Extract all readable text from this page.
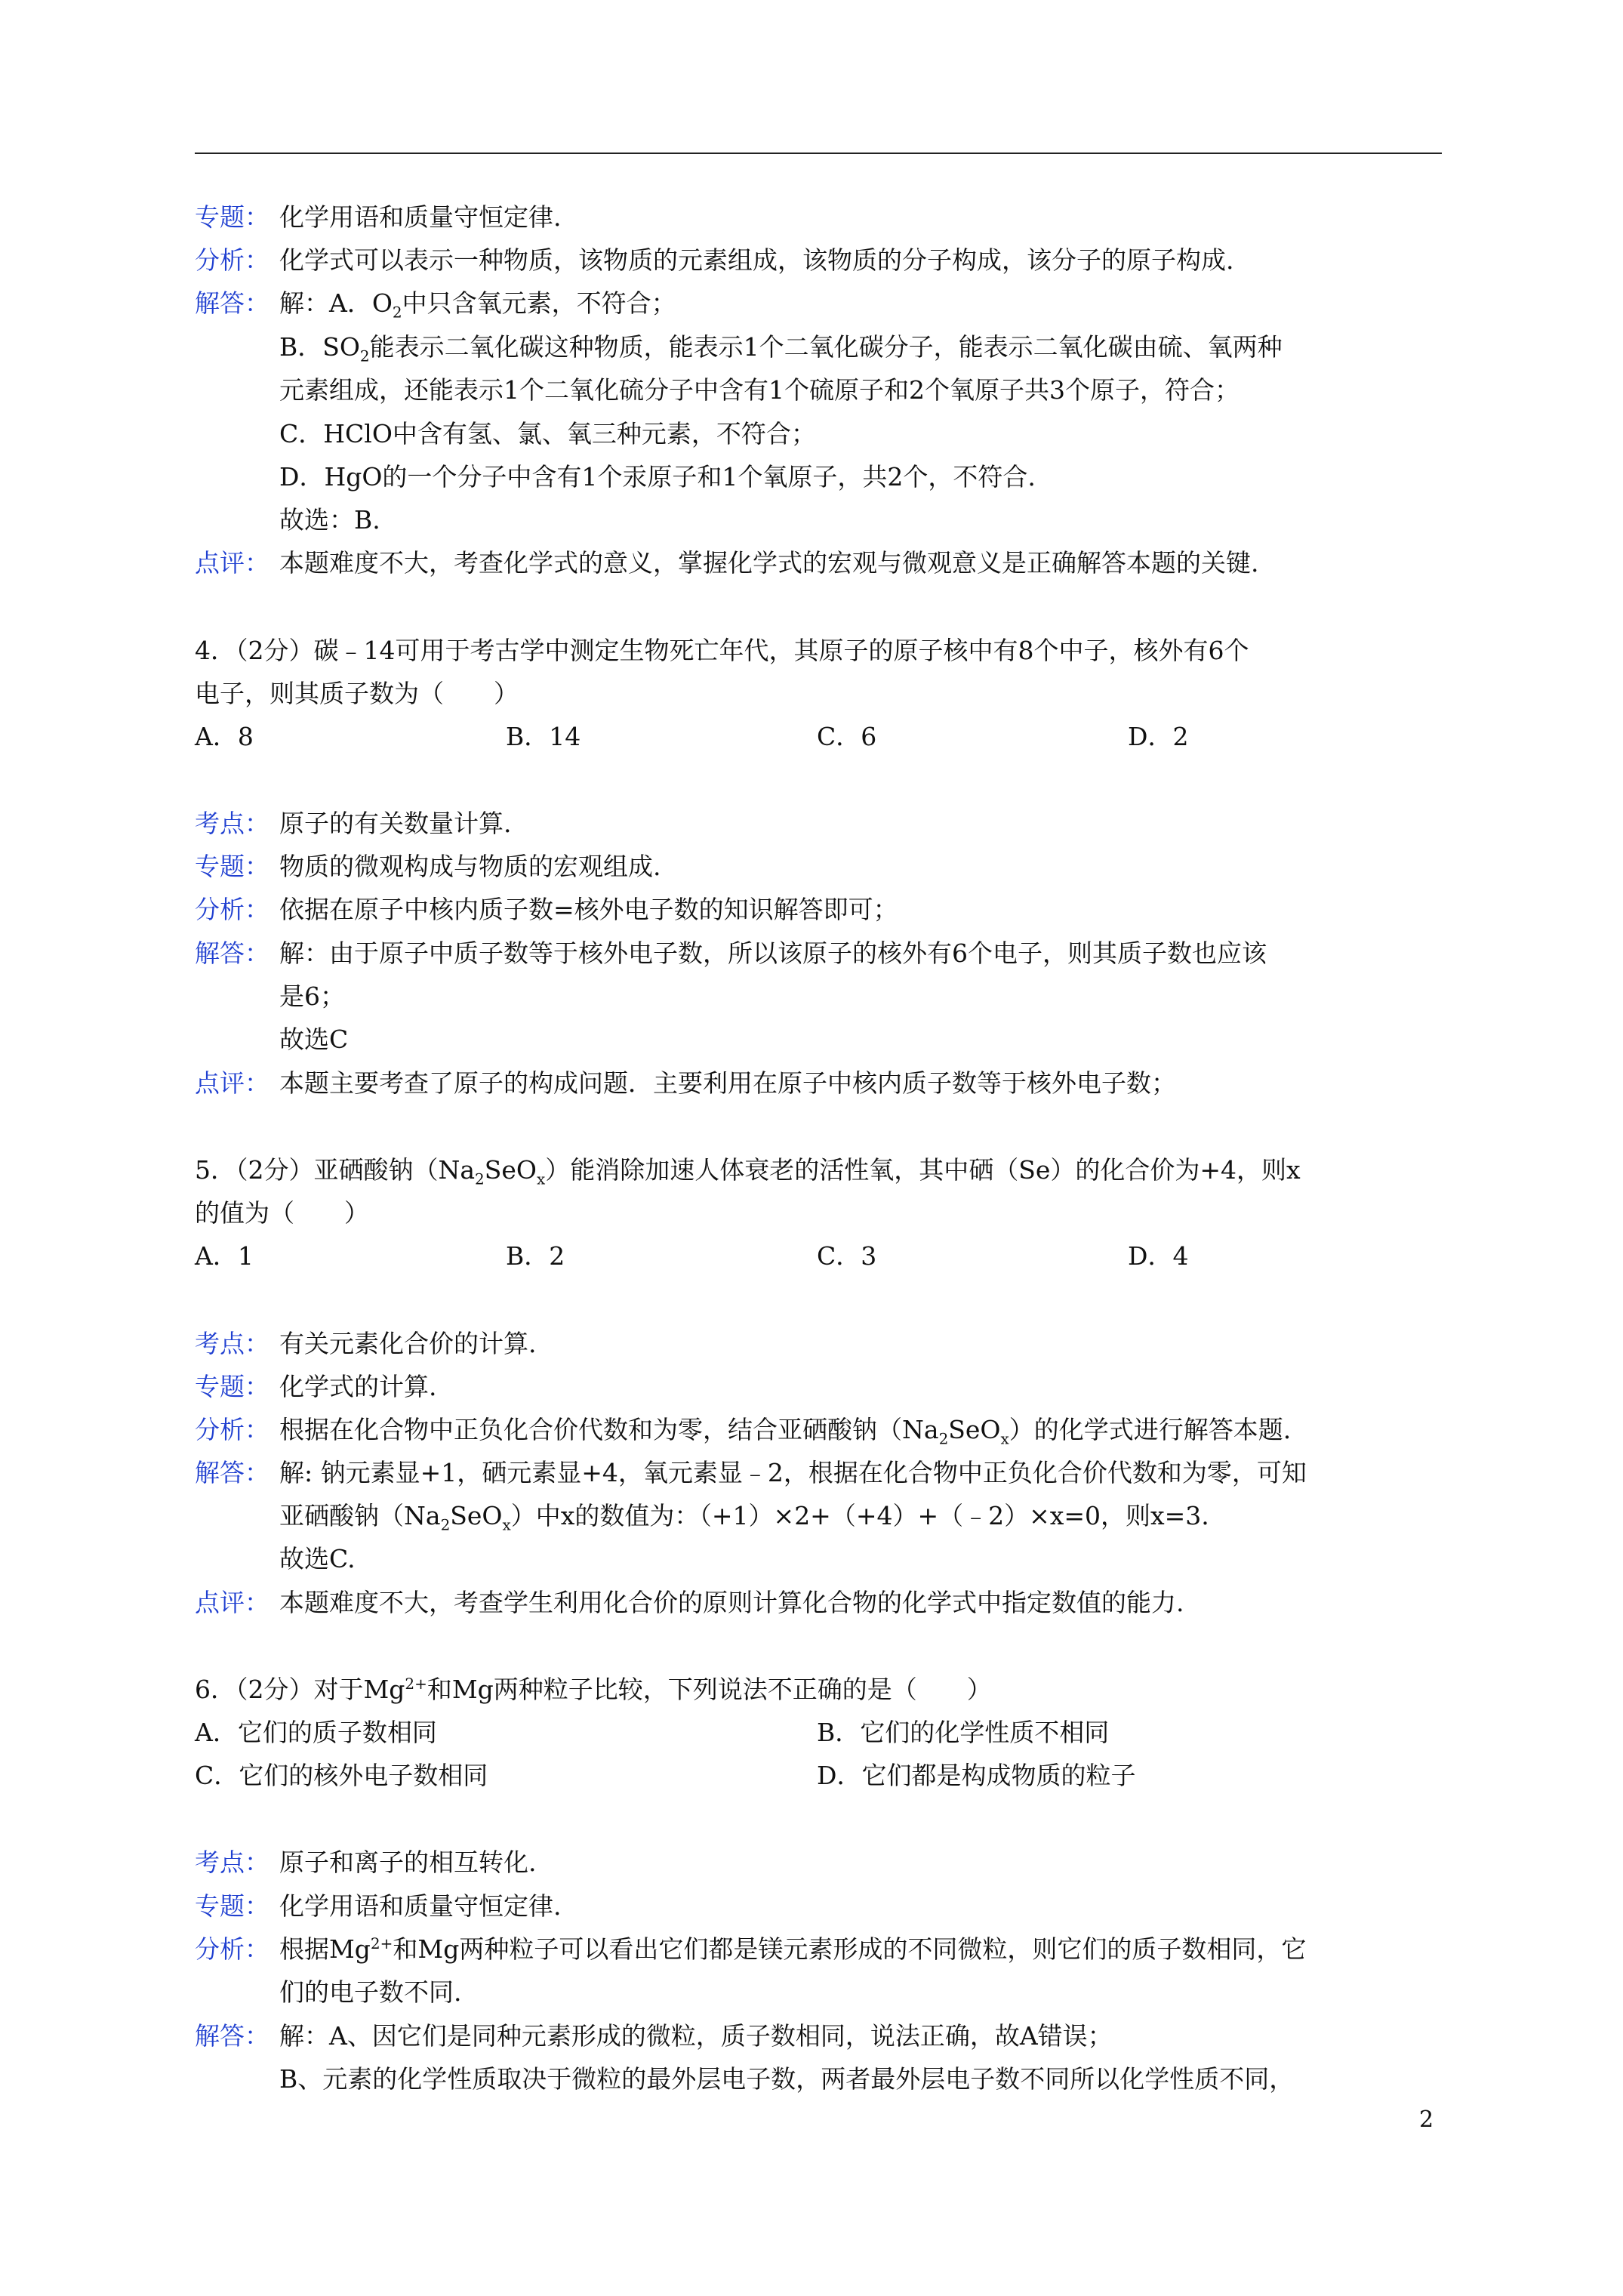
专题： 化学用语和质量守恒定律.
分析： 化学式可以表示一种物质，该物质的元素组成，该物质的分子构成，该分子的原子构成.
解答： 解：A．$O_2$中只含氧元素，不符合；
B．$SO_2$能表示二氧化碳这种物质，能表示1个二氧化碳分子，能表示二氧化碳由硫、氧两种
元素组成，还能表示1个二氧化硫分子中含有1个硫原子和2个氧原子共3个原子，符合；
C．HClO中含有氢、氯、氧三种元素，不符合；
D．HgO的一个分子中含有1个汞原子和1个氧原子，共2个，不符合.
故选：B.
点评： 本题难度不大，考查化学式的意义，掌握化学式的宏观与微观意义是正确解答本题的关键.
4．（2分）碳﹣14可用于考古学中测定生物死亡年代，其原子的原子核中有8个中子，核外有6个
电子，则其质子数为（　　）
A．8	B．14	C．6	D．2
考点： 原子的有关数量计算.
专题： 物质的微观构成与物质的宏观组成.
分析： 依据在原子中核内质子数=核外电子数的知识解答即可；
解答： 解：由于原子中质子数等于核外电子数，所以该原子的核外有6个电子，则其质子数也应该
是6；
故选C
点评： 本题主要考查了原子的构成问题．主要利用在原子中核内质子数等于核外电子数；
5．（2分）亚硒酸钠$(Na_2SeO_x)$能消除加速人体衰老的活性氧，其中硒（Se）的化合价为+4，则x
的值为（　　）
A．1	B．2	C．3	D．4
考点： 有关元素化合价的计算.
专题： 化学式的计算.
分析： 根据在化合物中正负化合价代数和为零，结合亚硒酸钠$(Na_2SeO_x)$的化学式进行解答本题.
解答： 解: 钠元素显+1，硒元素显+4，氧元素显﹣2，根据在化合物中正负化合价代数和为零，可知
亚硒酸钠$(Na_2SeO_x)$中x的数值为：（+1）×2+（+4）+（﹣2）×x=0，则x=3.
故选C.
点评： 本题难度不大，考查学生利用化合价的原则计算化合物的化学式中指定数值的能力.
6．（2分）对于$Mg^{2+}$和Mg两种粒子比较，下列说法不正确的是（　　）
A．它们的质子数相同	B．它们的化学性质不相同
C．它们的核外电子数相同	D．它们都是构成物质的粒子
考点： 原子和离子的相互转化.
专题： 化学用语和质量守恒定律.
分析： 根据$Mg^{2+}$和Mg两种粒子可以看出它们都是镁元素形成的不同微粒，则它们的质子数相同，它
们的电子数不同.
解答： 解：A、因它们是同种元素形成的微粒，质子数相同，说法正确，故A错误；
B、元素的化学性质取决于微粒的最外层电子数，两者最外层电子数不同所以化学性质不同，
2
